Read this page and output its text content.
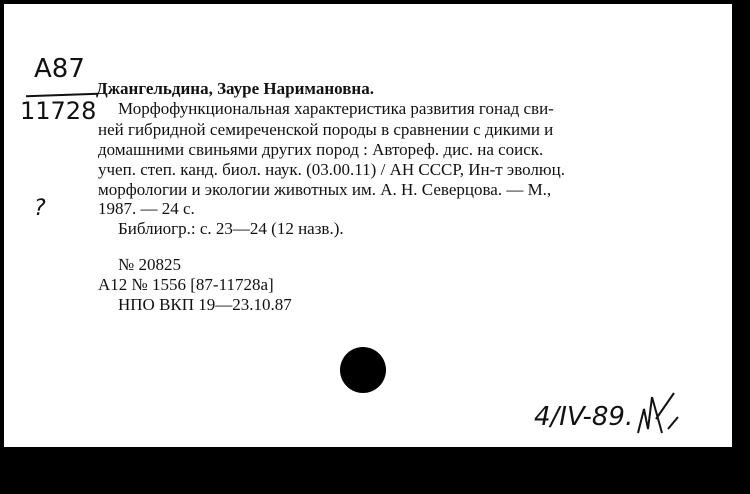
A87
11728
?
Джангельдина, Зауре Наримановна.
Морфофункциональная характеристика развития гонад сви-
ней гибридной семиреченской породы в сравнении с дикими и
домашними свиньями других пород : Автореф. дис. на соиск.
учеп. степ. канд. биол. наук. (03.00.11) / АН СССР, Ин-т эволюц.
морфологии и экологии животных им. А. Н. Северцова. — М.,
1987. — 24 с.
Библиогр.: с. 23—24 (12 назв.).
№ 20825
A12 № 1556 [87-11728a]
НПО ВКП 19—23.10.87
4/IV-89.
